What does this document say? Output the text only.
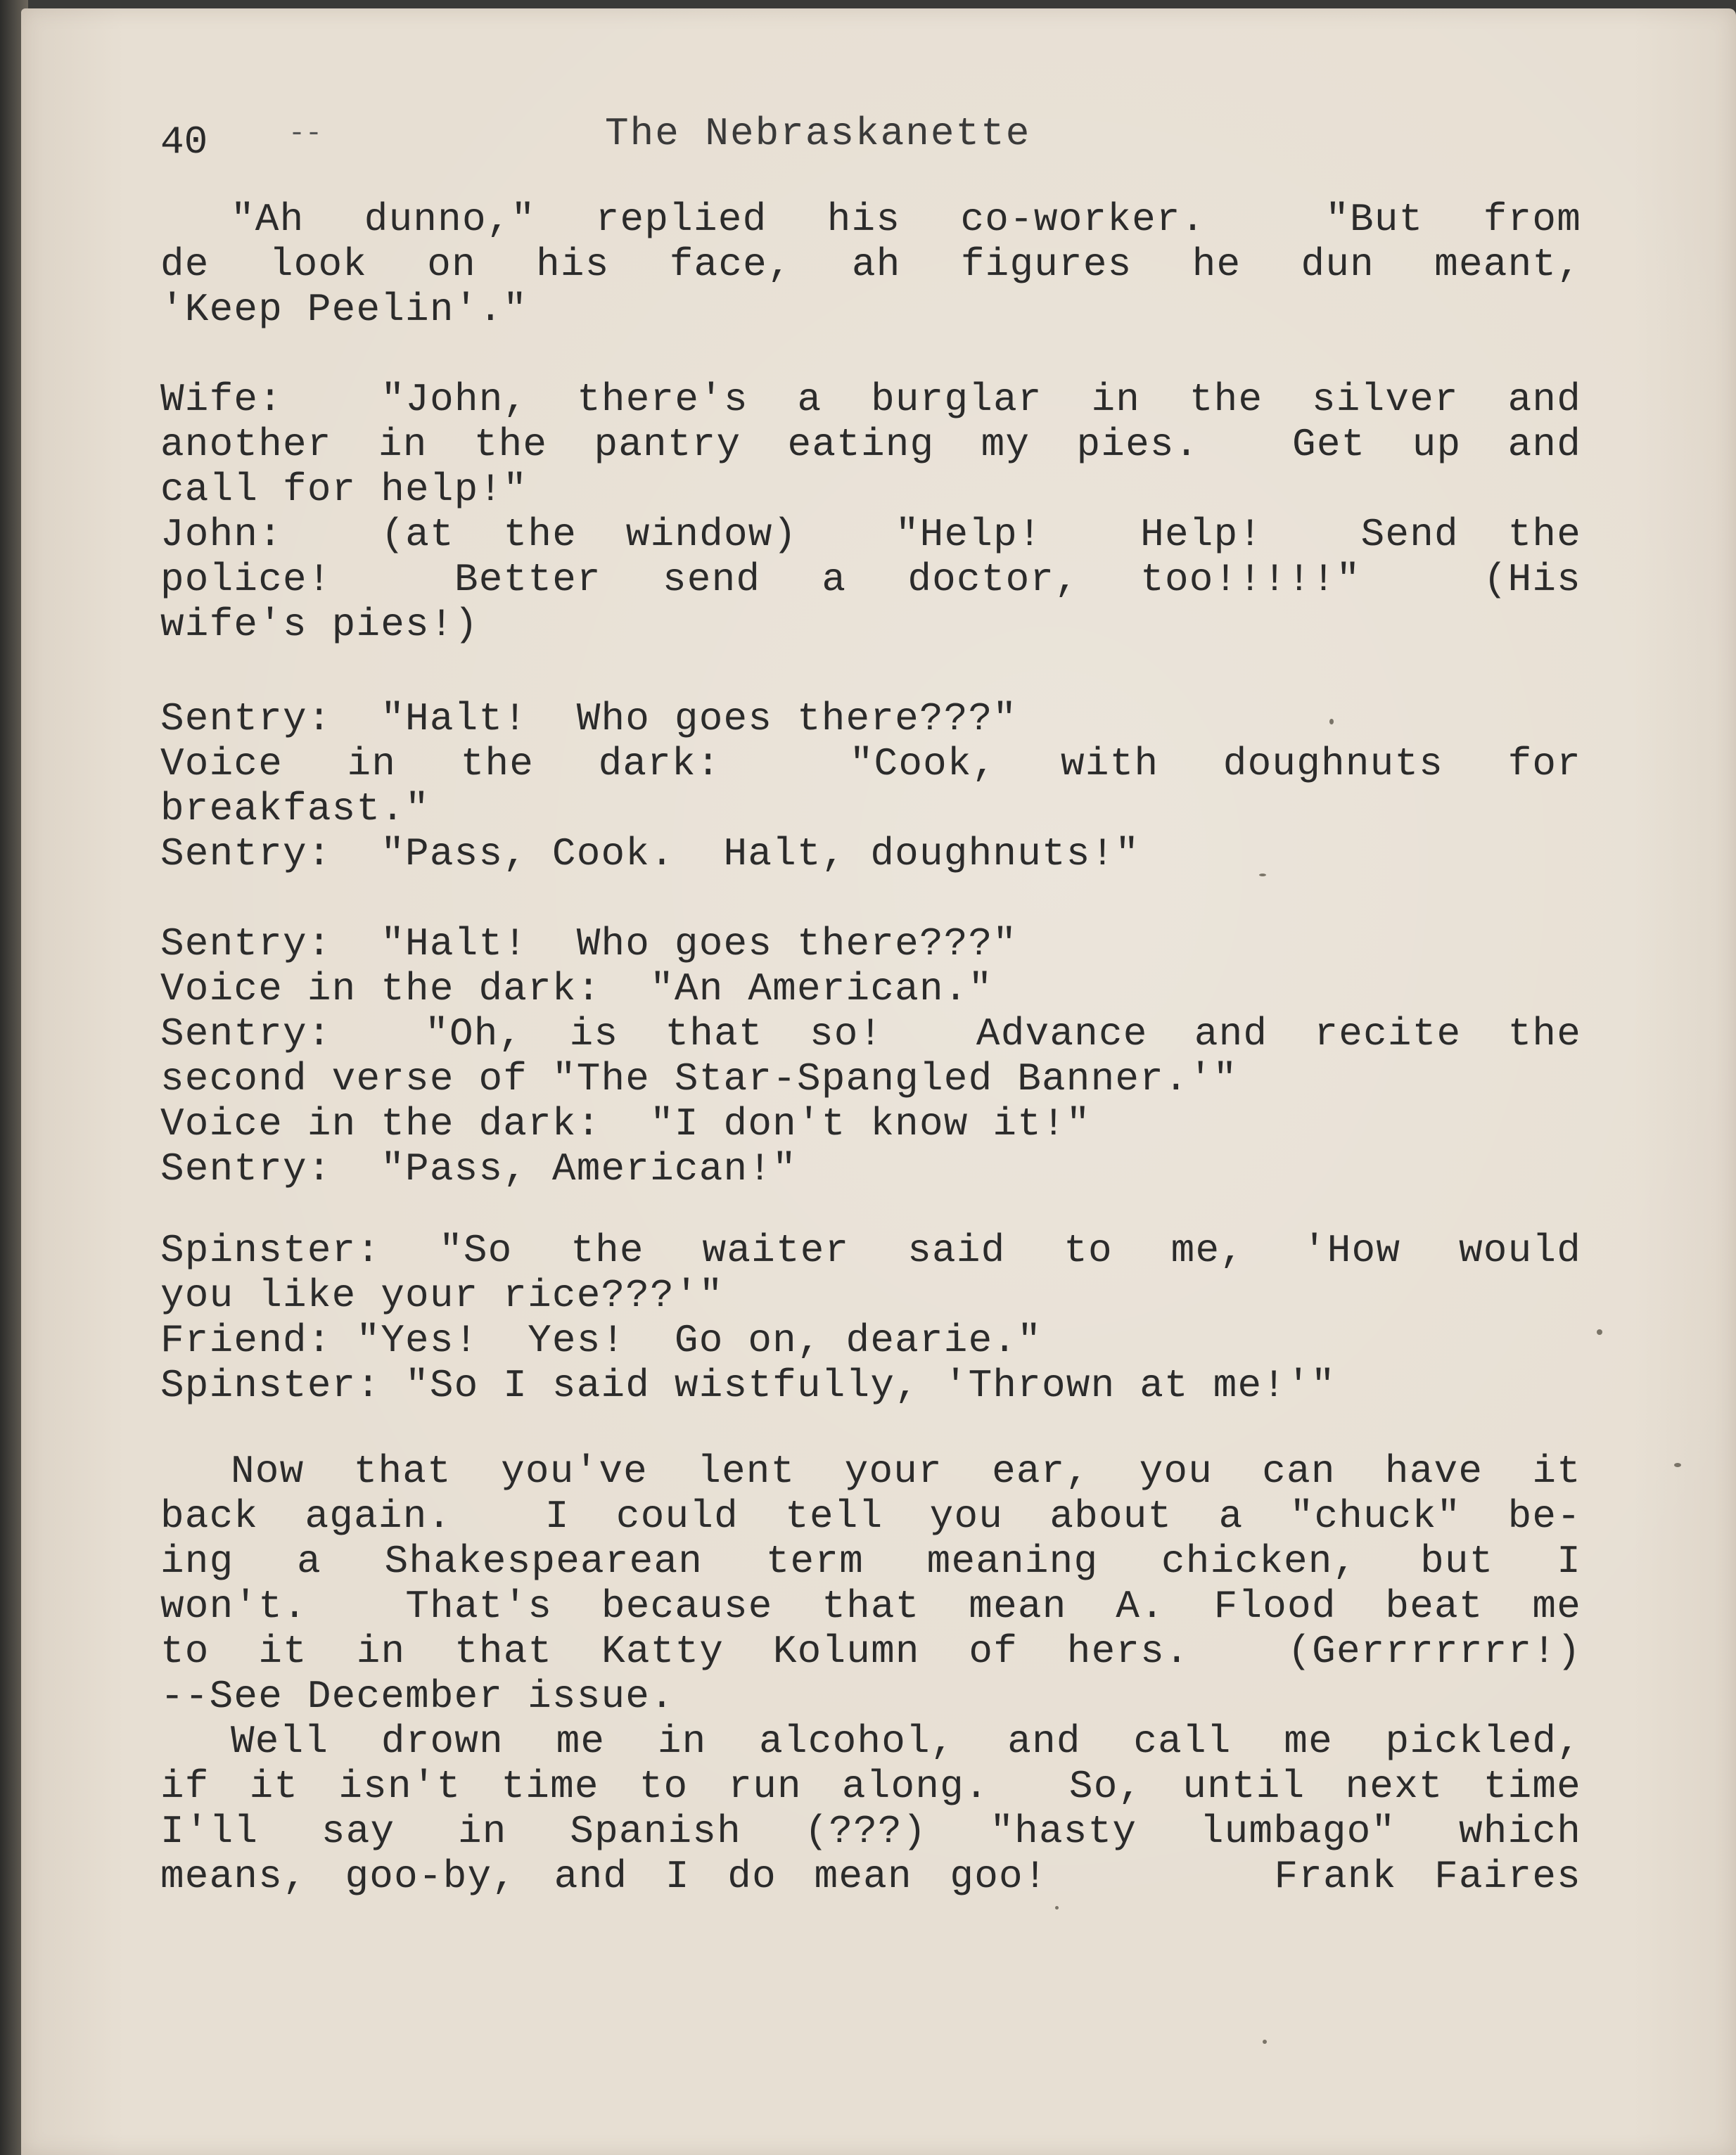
40	--	The Nebraskanette
"Ah dunno," replied his co-worker.  "But from
de look on his face, ah figures he dun meant,
'Keep Peelin'."
Wife:  "John, there's a burglar in the silver and
another in the pantry eating my pies.  Get up and
call for help!"
John:  (at the window)  "Help!  Help!  Send the
police!  Better send a doctor, too!!!!!"  (His
wife's pies!)
Sentry:  "Halt!  Who goes there???"
Voice in the dark:  "Cook, with doughnuts for
breakfast."
Sentry:  "Pass, Cook.  Halt, doughnuts!"
Sentry:  "Halt!  Who goes there???"
Voice in the dark:  "An American."
Sentry:  "Oh, is that so!  Advance and recite the
second verse of "The Star-Spangled Banner.'"
Voice in the dark:  "I don't know it!"
Sentry:  "Pass, American!"
Spinster: "So the waiter said to me, 'How would
you like your rice???'"
Friend: "Yes!  Yes!  Go on, dearie."
Spinster: "So I said wistfully, 'Thrown at me!'"
Now that you've lent your ear, you can have it
back again.  I could tell you about a "chuck" be-
ing a Shakespearean term meaning chicken, but I
won't.  That's because that mean A. Flood beat me
to it in that Katty Kolumn of hers.  (Gerrrrrrr!)
--See December issue.
Well drown me in alcohol, and call me pickled,
if it isn't time to run along.  So, until next time
I'll say in Spanish (???) "hasty lumbago" which
means, goo-by, and I do mean goo!      Frank Faires
